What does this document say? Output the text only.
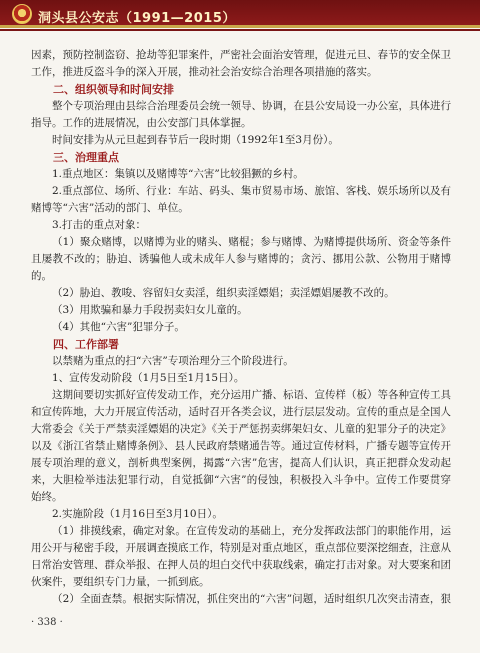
洞头县公安志（1991—2015）

因素，预防控制盗窃、抢劫等犯罪案件，严密社会面治安管理，促进元旦、春节的安全保卫工作，推进反盗斗争的深入开展，推动社会治安综合治理各项措施的落实。

二、组织领导和时间安排

整个专项治理由县综合治理委员会统一领导、协调，在县公安局设一办公室，具体进行指导。工作的进展情况，由公安部门具体掌握。

时间安排为从元旦起到春节后一段时期（1992年1至3月份）。

三、治理重点

1.重点地区：集镇以及赌博等“六害”比较猖獗的乡村。

2.重点部位、场所、行业：车站、码头、集市贸易市场、旅馆、客栈、娱乐场所以及有赌博等“六害”活动的部门、单位。

3.打击的重点对象：

（1）聚众赌博，以赌博为业的赌头、赌棍；参与赌博、为赌博提供场所、资金等条件且屡教不改的；胁迫、诱骗他人或未成年人参与赌博的；贪污、挪用公款、公物用于赌博的。

（2）胁迫、教唆、容留妇女卖淫，组织卖淫嫖娼；卖淫嫖娼屡教不改的。

（3）用欺骗和暴力手段拐卖妇女儿童的。

（4）其他“六害”犯罪分子。

四、工作部署

以禁赌为重点的扫“六害”专项治理分三个阶段进行。

1、宣传发动阶段（1月5日至1月15日）。

这期间要切实抓好宣传发动工作，充分运用广播、标语、宣传样（板）等各种宣传工具和宣传阵地，大力开展宣传活动，适时召开各类会议，进行层层发动。宣传的重点是全国人大常委会《关于严禁卖淫嫖娼的决定》《关于严惩拐卖绑架妇女、儿童的犯罪分子的决定》以及《浙江省禁止赌博条例》、县人民政府禁赌通告等。通过宣传材料，广播专题等宣传开展专项治理的意义，剖析典型案例，揭露“六害”危害，提高人们认识，真正把群众发动起来，大胆检举违法犯罪行动，自觉抵御“六害”的侵蚀，积极投入斗争中。宣传工作要贯穿始终。

2.实施阶段（1月16日至3月10日）。

（1）排摸线索，确定对象。在宣传发动的基础上，充分发挥政法部门的职能作用，运用公开与秘密手段，开展调查摸底工作，特别是对重点地区，重点部位要深挖细查，注意从日常治安管理、群众举报、在押人员的坦白交代中获取线索，确定打击对象。对大要案和团伙案件，要组织专门力量，一抓到底。

（2）全面查禁。根据实际情况，抓住突出的“六害”问题，适时组织几次突击清查，狠

· 338 ·
